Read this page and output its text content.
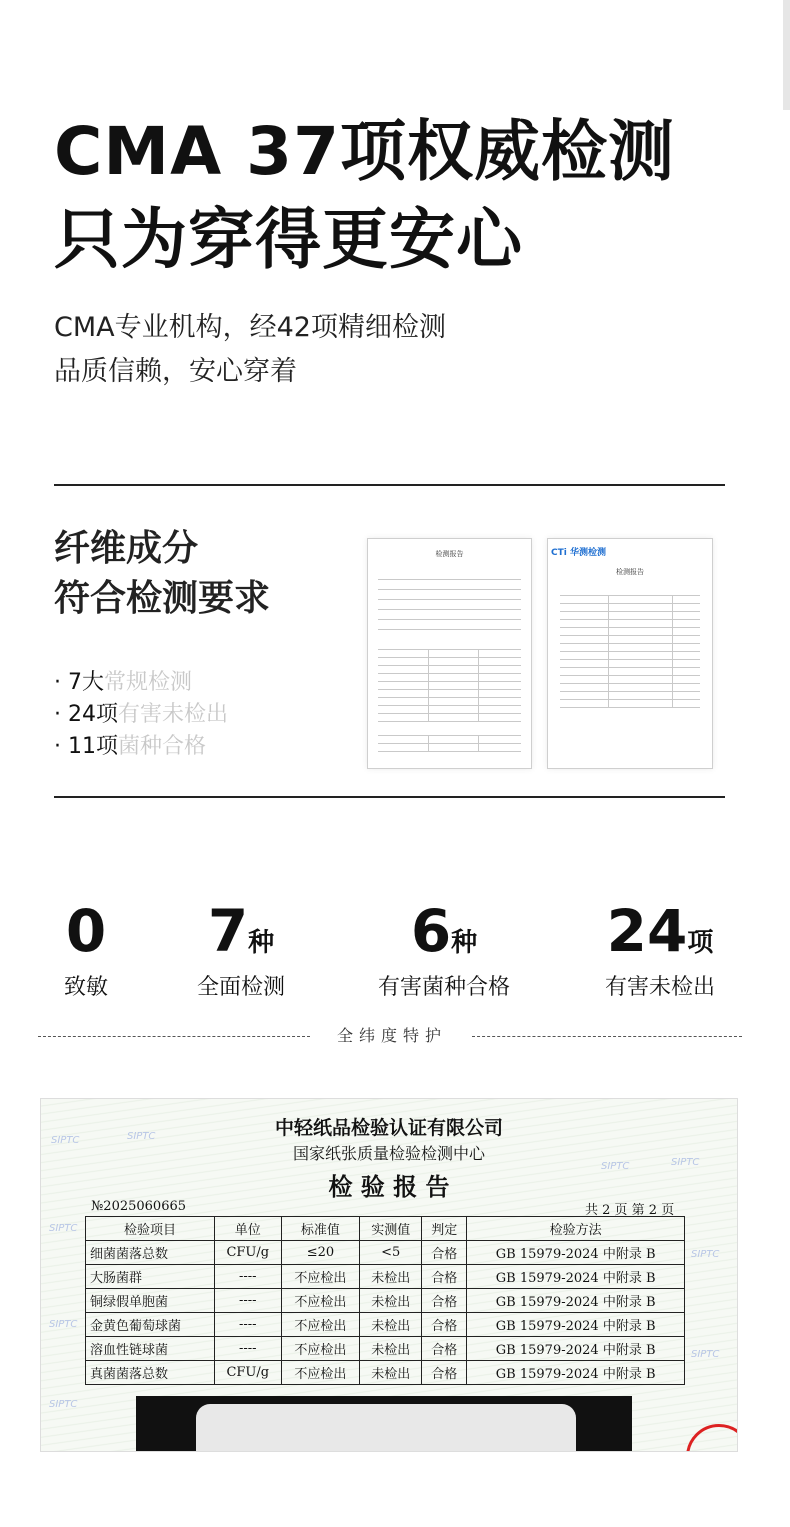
CMA 37项权威检测
只为穿得更安心
CMA专业机构，经42项精细检测
品质信赖，安心穿着
纤维成分
符合检测要求
· 7大常规检测
· 24项有害未检出
· 11项菌种合格
检测报告	CTi 华测检测
检测报告
0
致敏
7种
全面检测
6种
有害菌种合格
24项
有害未检出
全纬度特护
SIPTC	SIPTC
SIPTC	SIPTC
SIPTC
SIPTC
SIPTC
SIPTC
SIPTC
中轻纸品检验认证有限公司
国家纸张质量检验检测中心
检 验 报 告
№2025060665	共 2 页 第 2 页
检验项目	单位	标准值	实测值	判定	检验方法
细菌菌落总数	CFU/g	≤20	<5	合格	GB 15979-2024 中附录 B
大肠菌群	----	不应检出	未检出	合格	GB 15979-2024 中附录 B
铜绿假单胞菌	----	不应检出	未检出	合格	GB 15979-2024 中附录 B
金黄色葡萄球菌	----	不应检出	未检出	合格	GB 15979-2024 中附录 B
溶血性链球菌	----	不应检出	未检出	合格	GB 15979-2024 中附录 B
真菌菌落总数	CFU/g	不应检出	未检出	合格	GB 15979-2024 中附录 B
